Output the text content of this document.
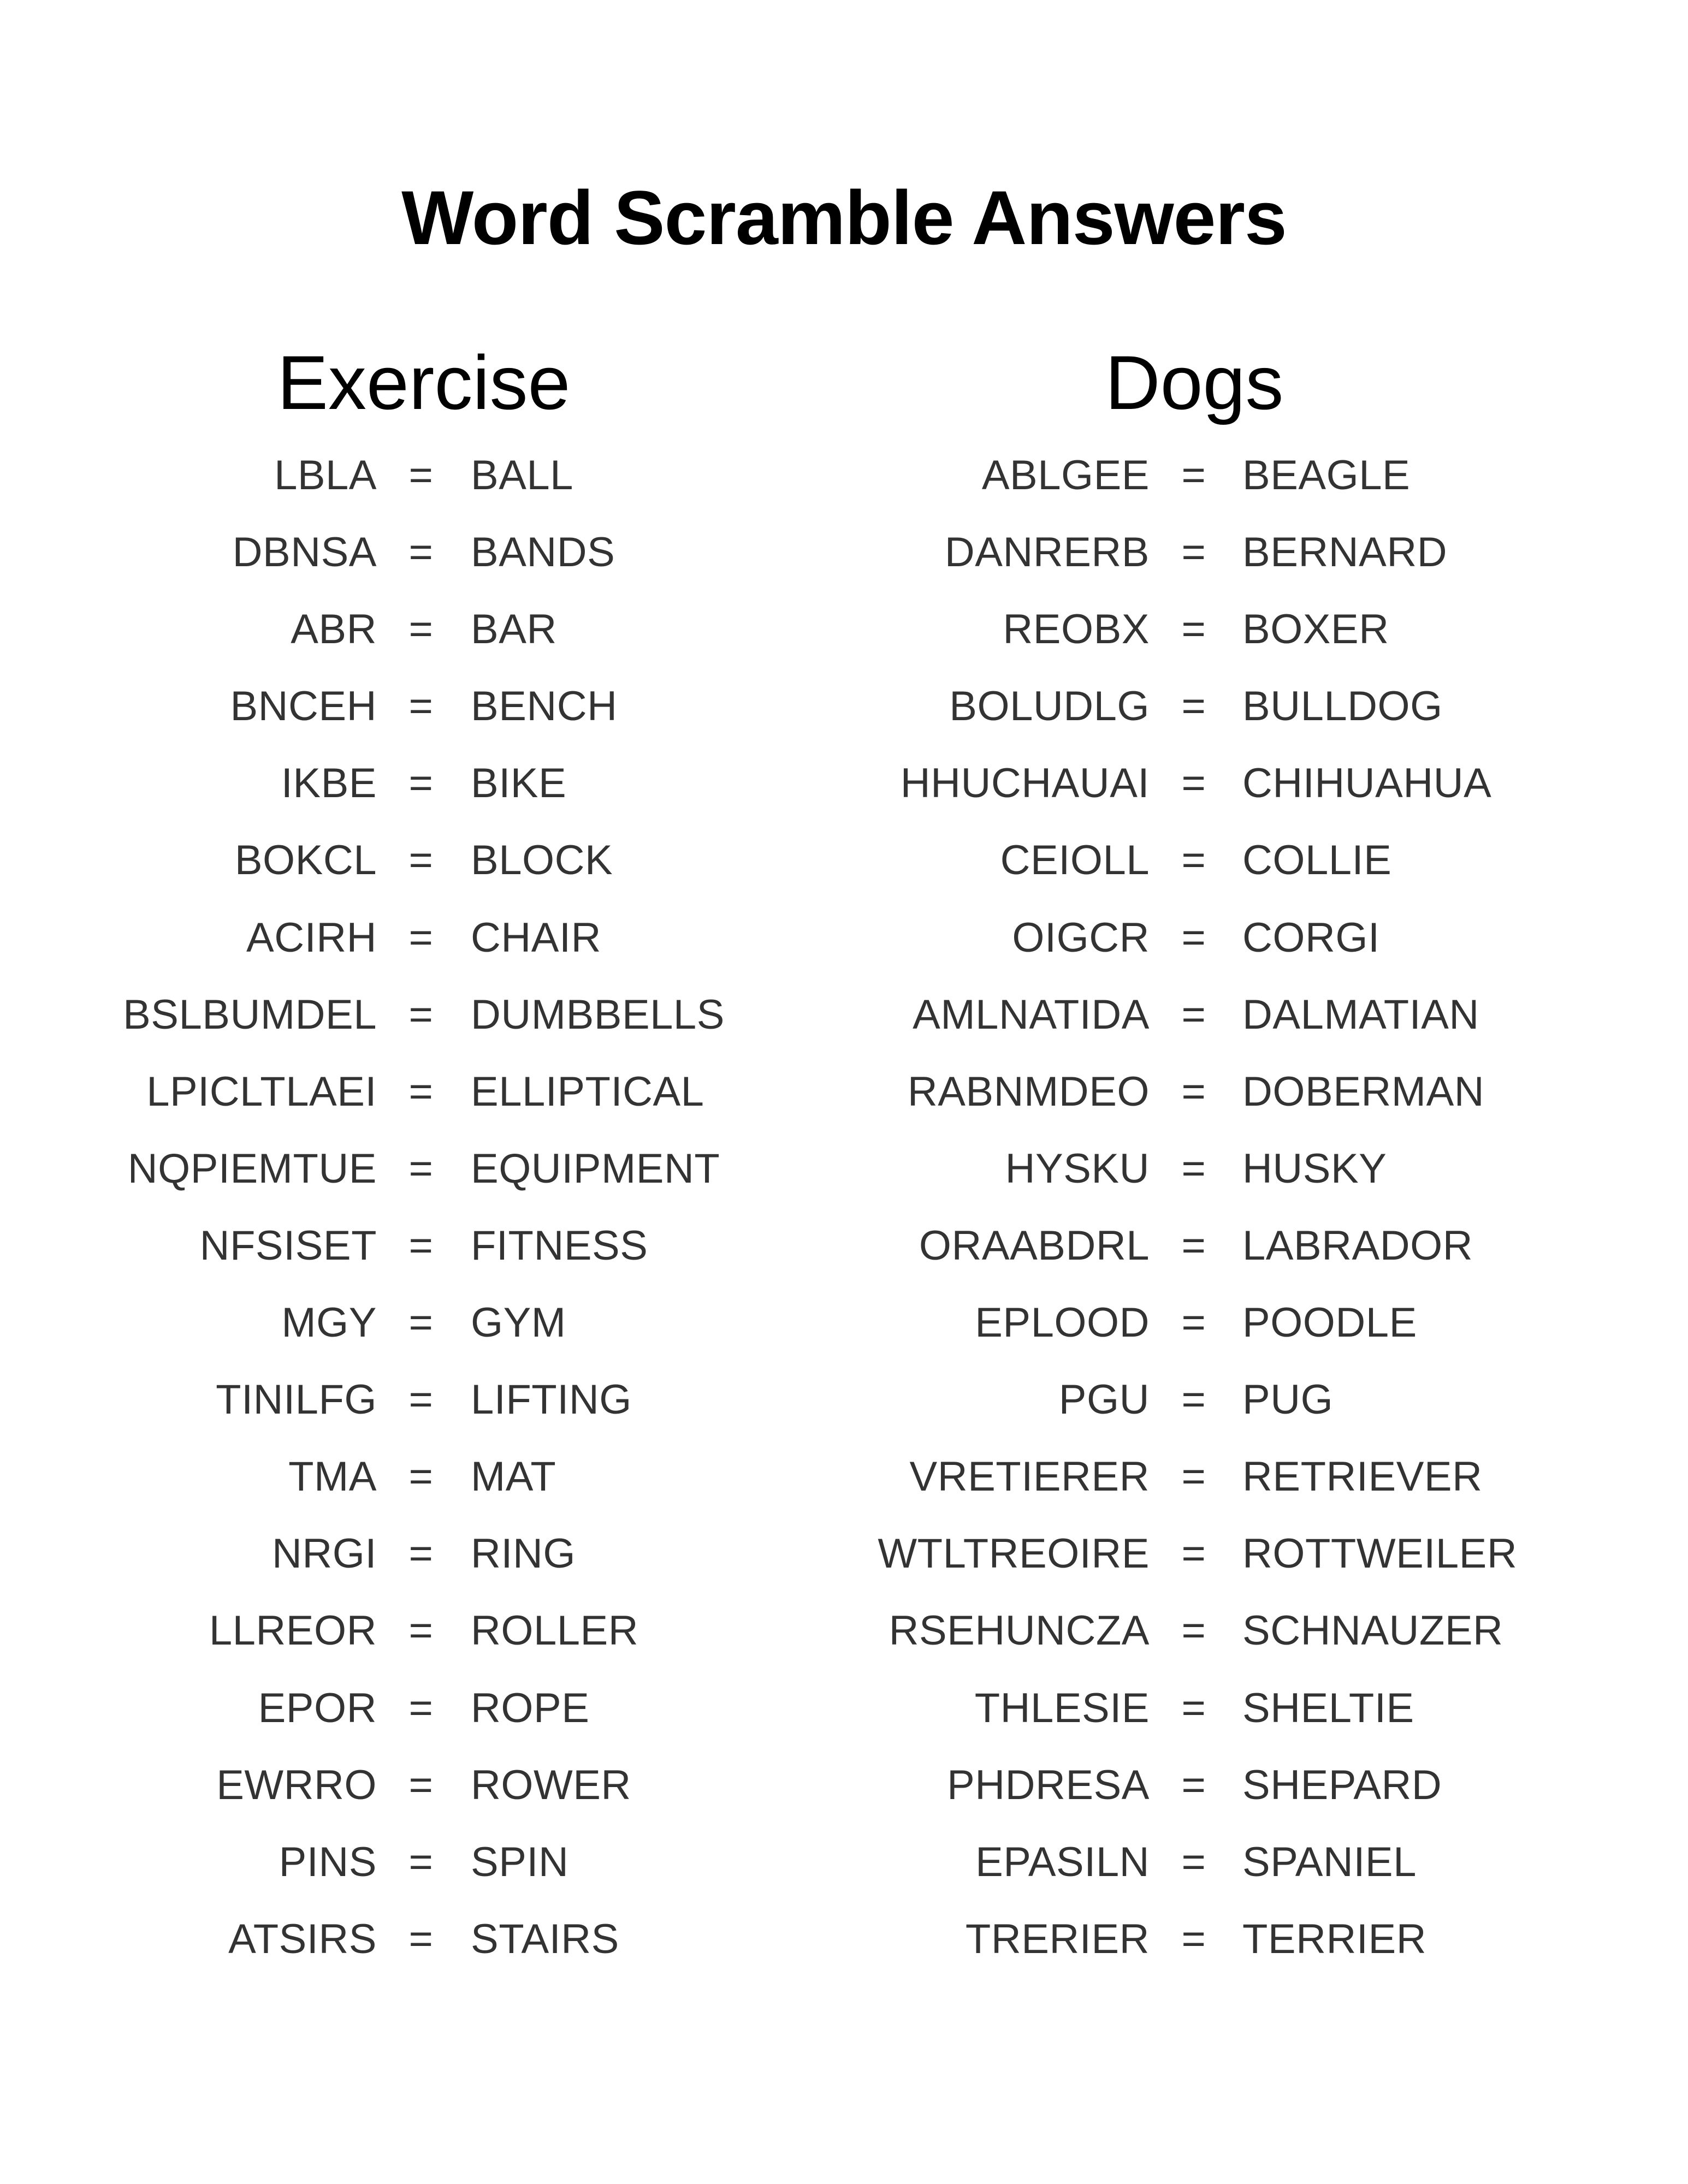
Word Scramble Answers
Exercise	Dogs
LBLA = BALL
DBNSA = BANDS
ABR = BAR
BNCEH = BENCH
IKBE = BIKE
BOKCL = BLOCK
ACIRH = CHAIR
BSLBUMDEL = DUMBBELLS
LPICLTLAEI = ELLIPTICAL
NQPIEMTUE = EQUIPMENT
NFSISET = FITNESS
MGY = GYM
TINILFG = LIFTING
TMA = MAT
NRGI = RING
LLREOR = ROLLER
EPOR = ROPE
EWRRO = ROWER
PINS = SPIN
ATSIRS = STAIRS
ABLGEE = BEAGLE
DANRERB = BERNARD
REOBX = BOXER
BOLUDLG = BULLDOG
HHUCHAUAI = CHIHUAHUA
CEIOLL = COLLIE
OIGCR = CORGI
AMLNATIDA = DALMATIAN
RABNMDEO = DOBERMAN
HYSKU = HUSKY
ORAABDRL = LABRADOR
EPLOOD = POODLE
PGU = PUG
VRETIERER = RETRIEVER
WTLTREOIRE = ROTTWEILER
RSEHUNCZA = SCHNAUZER
THLESIE = SHELTIE
PHDRESA = SHEPARD
EPASILN = SPANIEL
TRERIER = TERRIER
